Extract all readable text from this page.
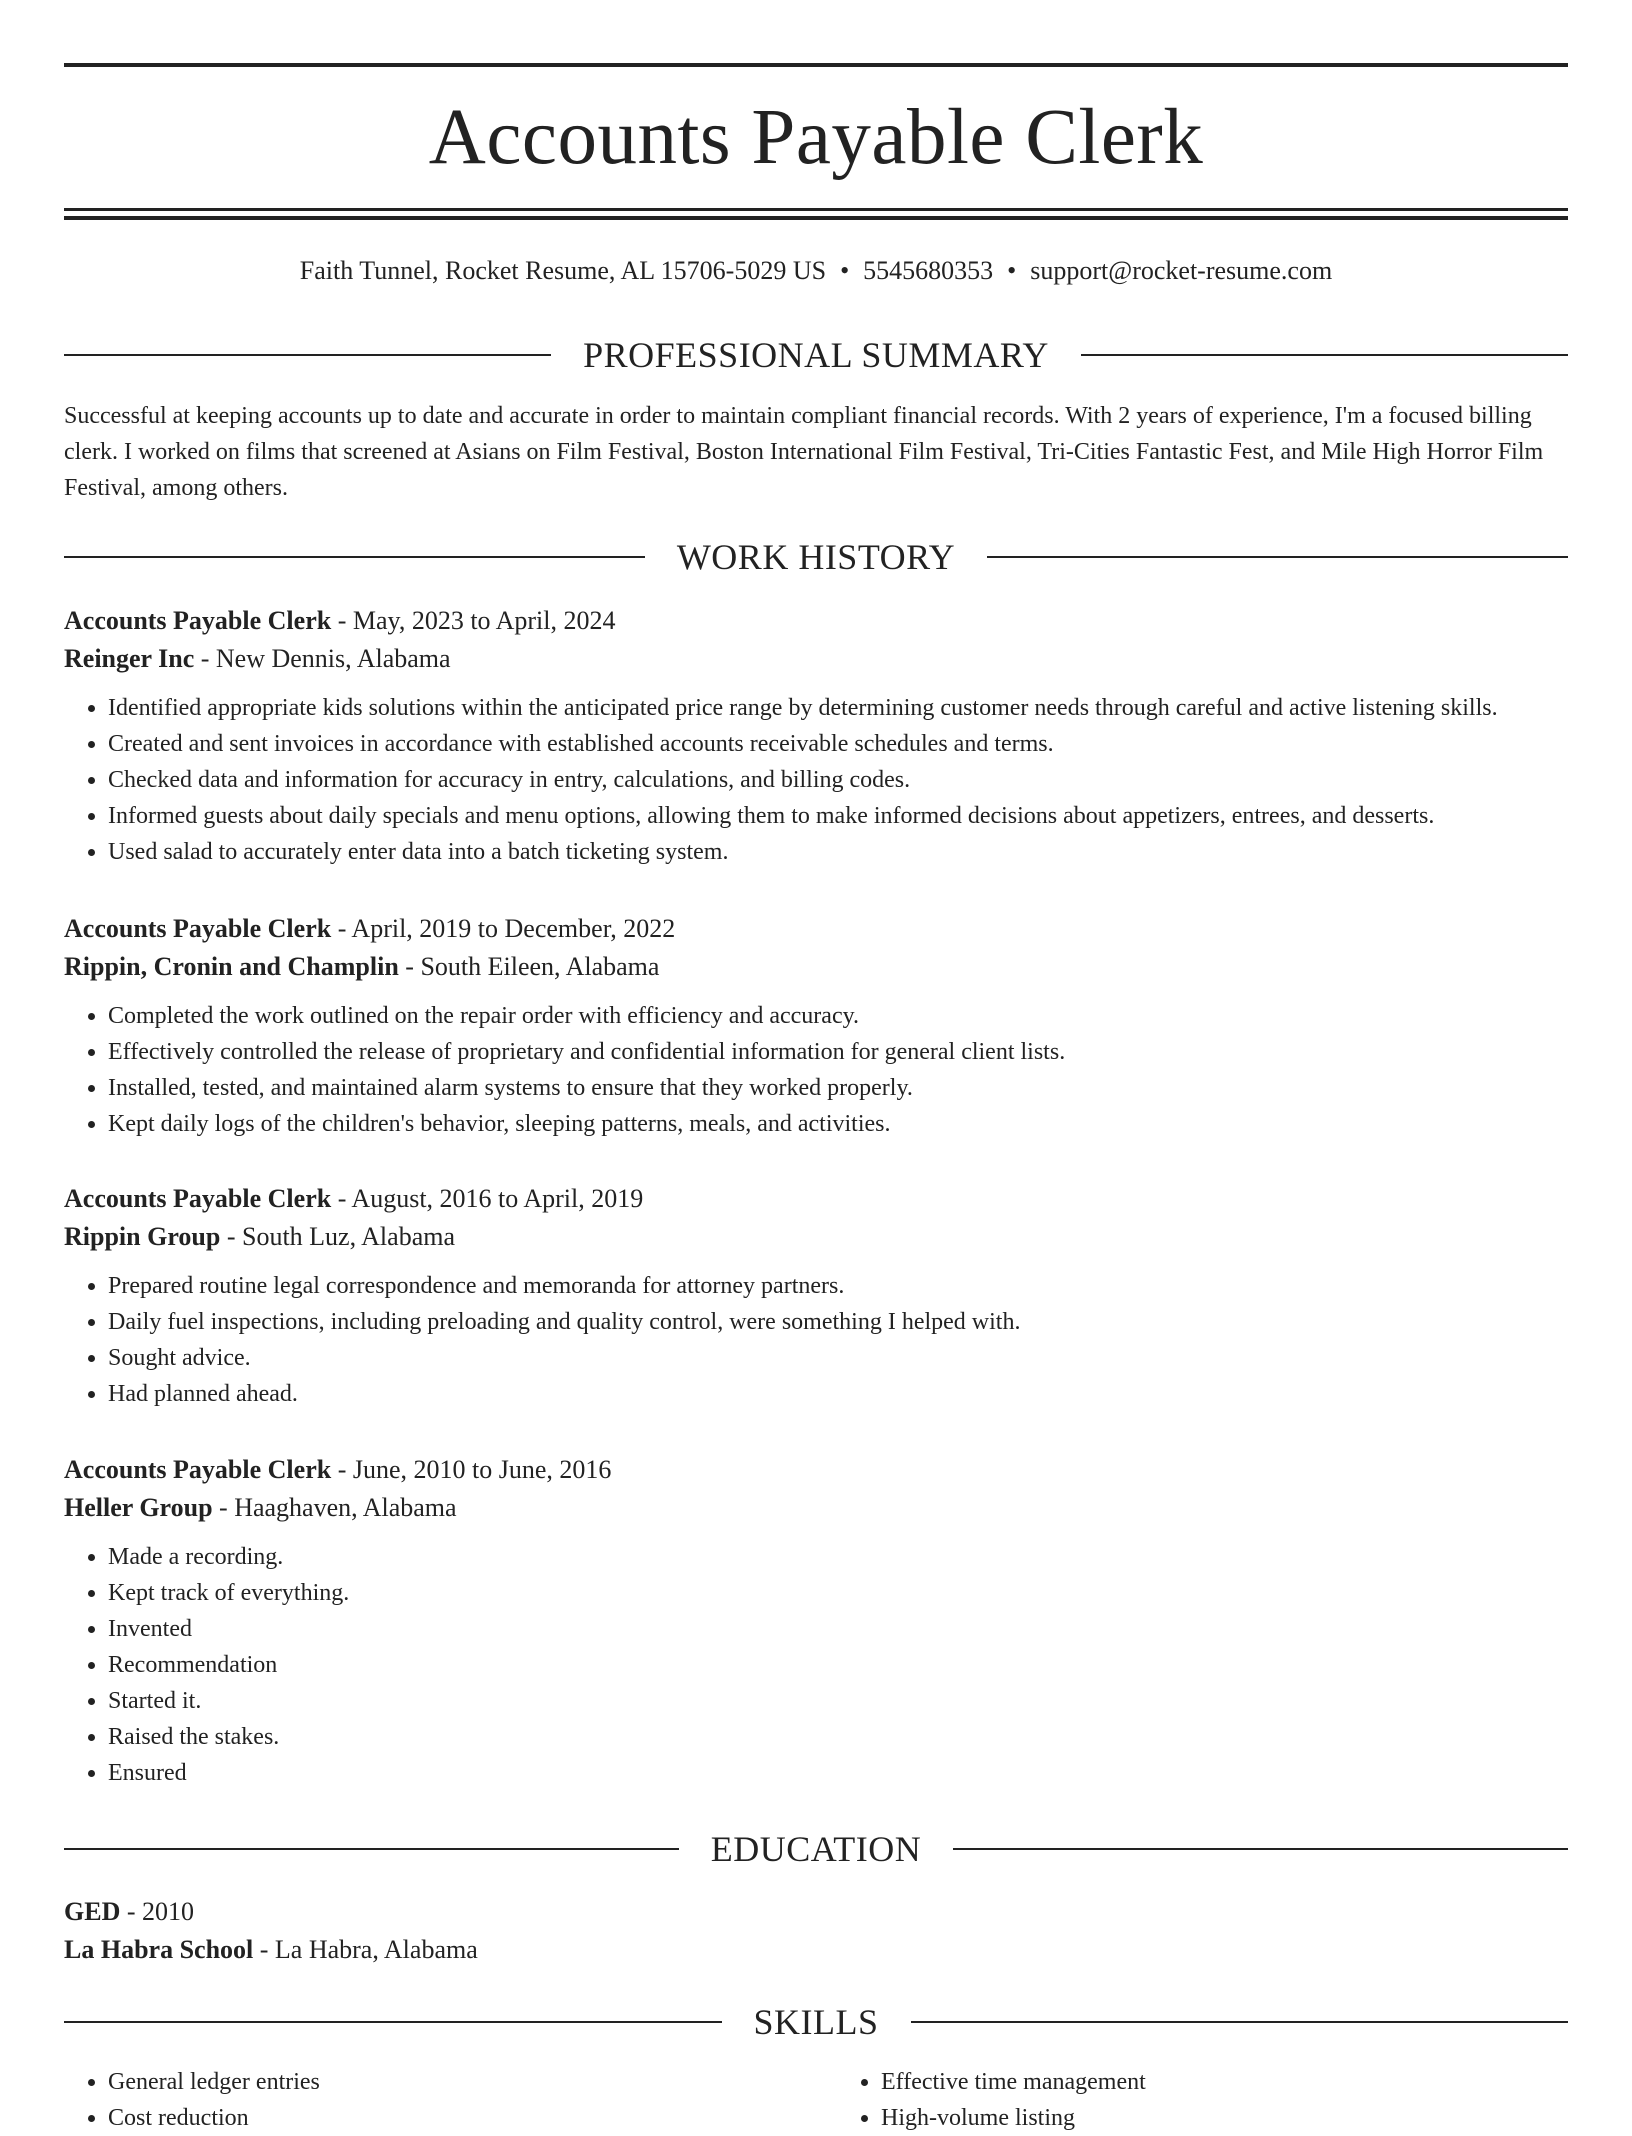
Accounts Payable Clerk
Faith Tunnel, Rocket Resume, AL 15706-5029 US • 5545680353 • support@rocket-resume.com
PROFESSIONAL SUMMARY
Successful at keeping accounts up to date and accurate in order to maintain compliant financial records. With 2 years of experience, I'm a focused billing clerk. I worked on films that screened at Asians on Film Festival, Boston International Film Festival, Tri-Cities Fantastic Fest, and Mile High Horror Film Festival, among others.
WORK HISTORY
Accounts Payable Clerk - May, 2023 to April, 2024
Reinger Inc - New Dennis, Alabama
• Identified appropriate kids solutions within the anticipated price range by determining customer needs through careful and active listening skills.
• Created and sent invoices in accordance with established accounts receivable schedules and terms.
• Checked data and information for accuracy in entry, calculations, and billing codes.
• Informed guests about daily specials and menu options, allowing them to make informed decisions about appetizers, entrees, and desserts.
• Used salad to accurately enter data into a batch ticketing system.
Accounts Payable Clerk - April, 2019 to December, 2022
Rippin, Cronin and Champlin - South Eileen, Alabama
• Completed the work outlined on the repair order with efficiency and accuracy.
• Effectively controlled the release of proprietary and confidential information for general client lists.
• Installed, tested, and maintained alarm systems to ensure that they worked properly.
• Kept daily logs of the children's behavior, sleeping patterns, meals, and activities.
Accounts Payable Clerk - August, 2016 to April, 2019
Rippin Group - South Luz, Alabama
• Prepared routine legal correspondence and memoranda for attorney partners.
• Daily fuel inspections, including preloading and quality control, were something I helped with.
• Sought advice.
• Had planned ahead.
Accounts Payable Clerk - June, 2010 to June, 2016
Heller Group - Haaghaven, Alabama
• Made a recording.
• Kept track of everything.
• Invented
• Recommendation
• Started it.
• Raised the stakes.
• Ensured
EDUCATION
GED - 2010
La Habra School - La Habra, Alabama
SKILLS
• General ledger entries
• Cost reduction
• Effective time management
• High-volume listing
